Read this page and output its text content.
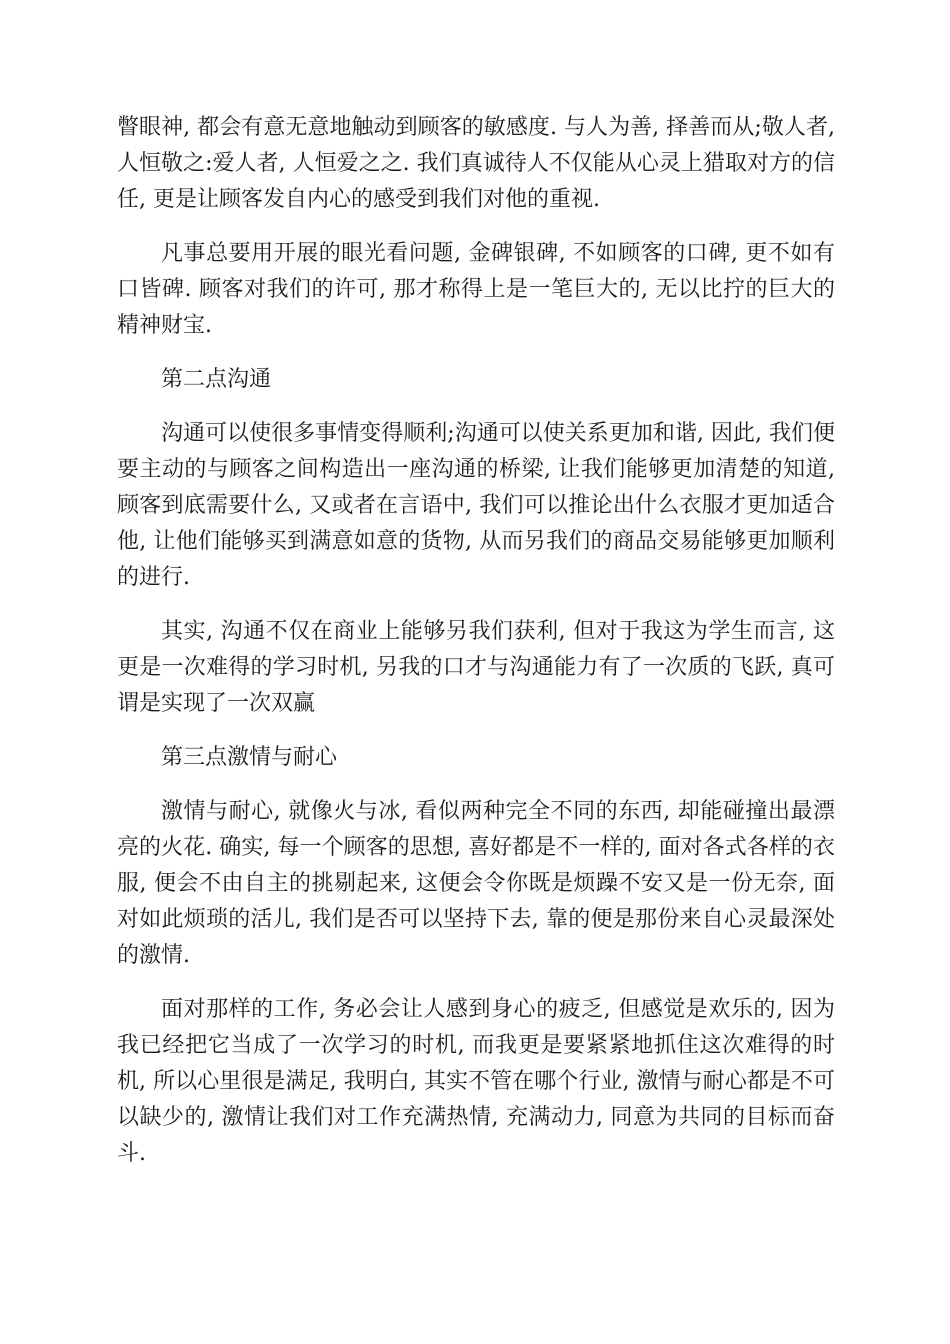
瞥眼神, 都会有意无意地触动到顾客的敏感度. 与人为善, 择善而从;敬人者, 人恒敬之:爱人者, 人恒爱之之. 我们真诚待人不仅能从心灵上猎取对方的信任, 更是让顾客发自内心的感受到我们对他的重视.

凡事总要用开展的眼光看问题, 金碑银碑, 不如顾客的口碑, 更不如有口皆碑. 顾客对我们的许可, 那才称得上是一笔巨大的, 无以比拧的巨大的精神财宝.

第二点沟通

沟通可以使很多事情变得顺利;沟通可以使关系更加和谐, 因此, 我们便要主动的与顾客之间构造出一座沟通的桥梁, 让我们能够更加清楚的知道, 顾客到底需要什么, 又或者在言语中, 我们可以推论出什么衣服才更加适合他, 让他们能够买到满意如意的货物, 从而另我们的商品交易能够更加顺利的进行.

其实, 沟通不仅在商业上能够另我们获利, 但对于我这为学生而言, 这更是一次难得的学习时机, 另我的口才与沟通能力有了一次质的飞跃, 真可谓是实现了一次双赢

第三点激情与耐心

激情与耐心, 就像火与冰, 看似两种完全不同的东西, 却能碰撞出最漂亮的火花. 确实, 每一个顾客的思想, 喜好都是不一样的, 面对各式各样的衣服, 便会不由自主的挑剔起来, 这便会令你既是烦躁不安又是一份无奈, 面对如此烦琐的活儿, 我们是否可以坚持下去, 靠的便是那份来自心灵最深处的激情.

面对那样的工作, 务必会让人感到身心的疲乏, 但感觉是欢乐的, 因为我已经把它当成了一次学习的时机, 而我更是要紧紧地抓住这次难得的时机, 所以心里很是满足, 我明白, 其实不管在哪个行业, 激情与耐心都是不可以缺少的, 激情让我们对工作充满热情, 充满动力, 同意为共同的目标而奋斗.
